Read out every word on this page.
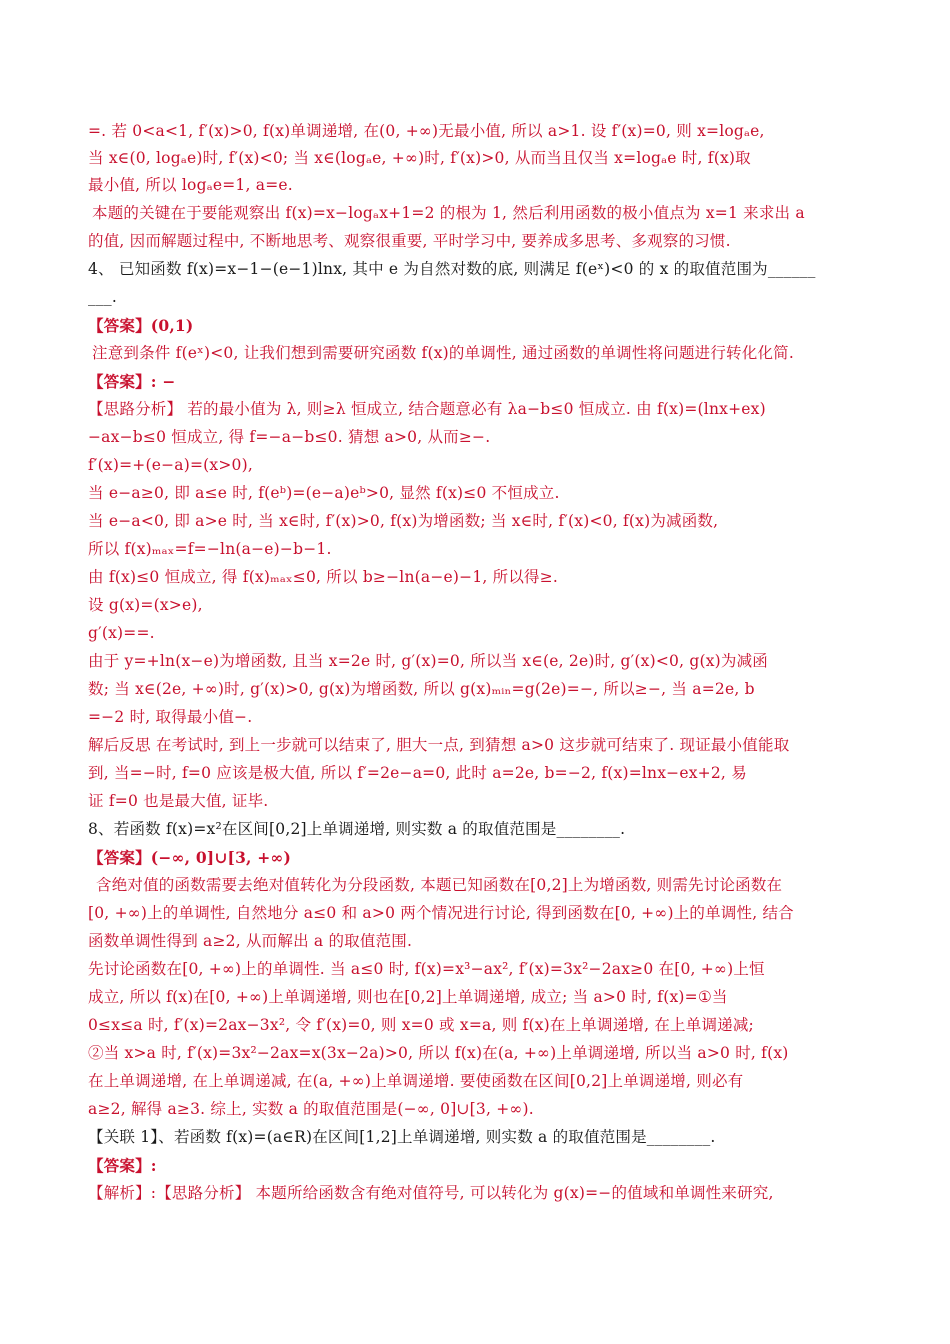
=. 若 0<a<1, f′(x)>0, f(x)单调递增, 在(0, +∞)无最小值, 所以 a>1. 设 f′(x)=0, 则 x=logₐe,
当 x∈(0, logₐe)时, f′(x)<0; 当 x∈(logₐe, +∞)时, f′(x)>0, 从而当且仅当 x=logₐe 时, f(x)取
最小值, 所以 logₐe=1, a=e.
本题的关键在于要能观察出 f(x)=x−logₐx+1=2 的根为 1, 然后利用函数的极小值点为 x=1 来求出 a
的值, 因而解题过程中, 不断地思考、观察很重要, 平时学习中, 要养成多思考、多观察的习惯.
4、 已知函数 f(x)=x−1−(e−1)lnx, 其中 e 为自然对数的底, 则满足 f(eˣ)<0 的 x 的取值范围为______
___.
【答案】(0,1)
注意到条件 f(eˣ)<0, 让我们想到需要研究函数 f(x)的单调性, 通过函数的单调性将问题进行转化化简.
【答案】: −
【思路分析】 若的最小值为 λ, 则≥λ 恒成立, 结合题意必有 λa−b≤0 恒成立. 由 f(x)=(lnx+ex)
−ax−b≤0 恒成立, 得 f=−a−b≤0. 猜想 a>0, 从而≥−.
f′(x)=+(e−a)=(x>0),
当 e−a≥0, 即 a≤e 时, f(eᵇ)=(e−a)eᵇ>0, 显然 f(x)≤0 不恒成立.
当 e−a<0, 即 a>e 时, 当 x∈时, f′(x)>0, f(x)为增函数; 当 x∈时, f′(x)<0, f(x)为减函数,
所以 f(x)ₘₐₓ=f=−ln(a−e)−b−1.
由 f(x)≤0 恒成立, 得 f(x)ₘₐₓ≤0, 所以 b≥−ln(a−e)−1, 所以得≥.
设 g(x)=(x>e),
g′(x)==.
由于 y=+ln(x−e)为增函数, 且当 x=2e 时, g′(x)=0, 所以当 x∈(e, 2e)时, g′(x)<0, g(x)为减函
数; 当 x∈(2e, +∞)时, g′(x)>0, g(x)为增函数, 所以 g(x)ₘᵢₙ=g(2e)=−, 所以≥−, 当 a=2e, b
=−2 时, 取得最小值−.
解后反思 在考试时, 到上一步就可以结束了, 胆大一点, 到猜想 a>0 这步就可结束了. 现证最小值能取
到, 当=−时, f=0 应该是极大值, 所以 f′=2e−a=0, 此时 a=2e, b=−2, f(x)=lnx−ex+2, 易
证 f=0 也是最大值, 证毕.
8、若函数 f(x)=x²在区间[0,2]上单调递增, 则实数 a 的取值范围是________.
【答案】(−∞, 0]∪[3, +∞)
含绝对值的函数需要去绝对值转化为分段函数, 本题已知函数在[0,2]上为增函数, 则需先讨论函数在
[0, +∞)上的单调性, 自然地分 a≤0 和 a>0 两个情况进行讨论, 得到函数在[0, +∞)上的单调性, 结合
函数单调性得到 a≥2, 从而解出 a 的取值范围.
先讨论函数在[0, +∞)上的单调性. 当 a≤0 时, f(x)=x³−ax², f′(x)=3x²−2ax≥0 在[0, +∞)上恒
成立, 所以 f(x)在[0, +∞)上单调递增, 则也在[0,2]上单调递增, 成立; 当 a>0 时, f(x)=①当
0≤x≤a 时, f′(x)=2ax−3x², 令 f′(x)=0, 则 x=0 或 x=a, 则 f(x)在上单调递增, 在上单调递减;
②当 x>a 时, f′(x)=3x²−2ax=x(3x−2a)>0, 所以 f(x)在(a, +∞)上单调递增, 所以当 a>0 时, f(x)
在上单调递增, 在上单调递减, 在(a, +∞)上单调递增. 要使函数在区间[0,2]上单调递增, 则必有
a≥2, 解得 a≥3. 综上, 实数 a 的取值范围是(−∞, 0]∪[3, +∞).
【关联 1】、若函数 f(x)=(a∈R)在区间[1,2]上单调递增, 则实数 a 的取值范围是________.
【答案】:
【解析】:【思路分析】 本题所给函数含有绝对值符号, 可以转化为 g(x)=−的值域和单调性来研究,
